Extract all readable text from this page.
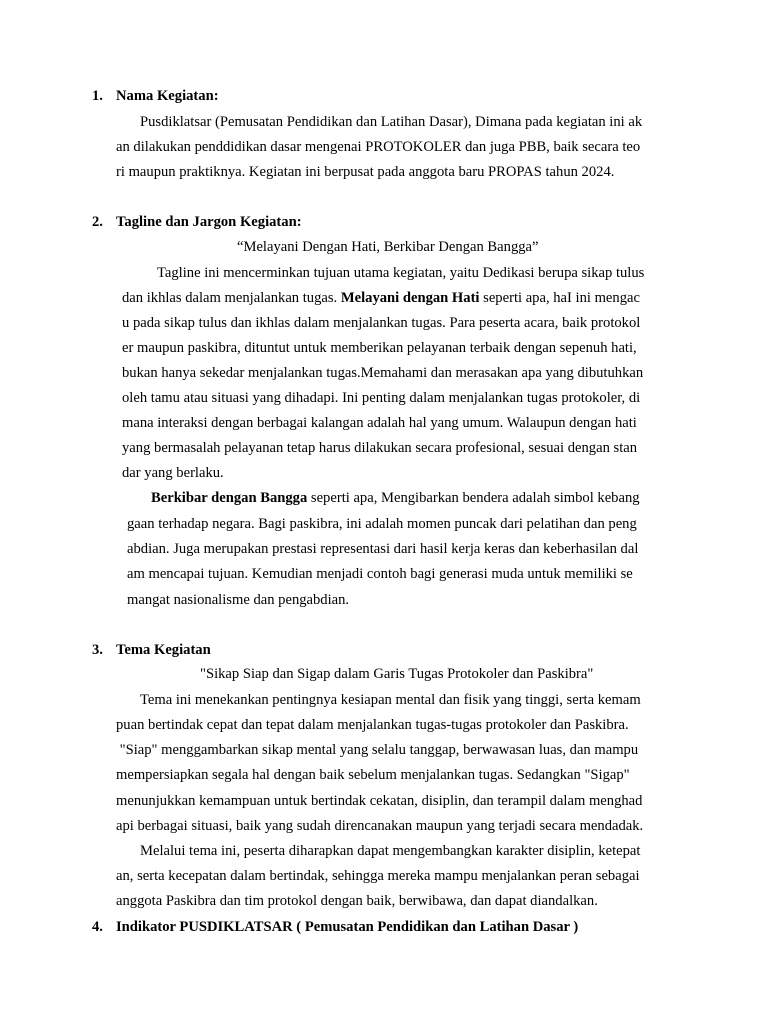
1. Nama Kegiatan:
Pusdiklatsar (Pemusatan Pendidikan dan Latihan Dasar), Dimana pada kegiatan ini ak
an dilakukan penddidikan dasar mengenai PROTOKOLER dan juga PBB, baik secara teo
ri maupun praktiknya. Kegiatan ini berpusat pada anggota baru PROPAS tahun 2024.
2. Tagline dan Jargon Kegiatan:
“Melayani Dengan Hati, Berkibar Dengan Bangga”
Tagline ini mencerminkan tujuan utama kegiatan, yaitu Dedikasi berupa sikap tulus
dan ikhlas dalam menjalankan tugas. Melayani dengan Hati seperti apa, haI ini mengac
u pada sikap tulus dan ikhlas dalam menjalankan tugas. Para peserta acara, baik protokol
er maupun paskibra, dituntut untuk memberikan pelayanan terbaik dengan sepenuh hati,
bukan hanya sekedar menjalankan tugas.Memahami dan merasakan apa yang dibutuhkan
oleh tamu atau situasi yang dihadapi. Ini penting dalam menjalankan tugas protokoler, di
mana interaksi dengan berbagai kalangan adalah hal yang umum. Walaupun dengan hati
yang bermasalah pelayanan tetap harus dilakukan secara profesional, sesuai dengan stan
dar yang berlaku.
Berkibar dengan Bangga seperti apa, Mengibarkan bendera adalah simbol kebang
gaan terhadap negara. Bagi paskibra, ini adalah momen puncak dari pelatihan dan peng
abdian. Juga merupakan prestasi representasi dari hasil kerja keras dan keberhasilan dal
am mencapai tujuan. Kemudian menjadi contoh bagi generasi muda untuk memiliki se
mangat nasionalisme dan pengabdian.
3. Tema Kegiatan
"Sikap Siap dan Sigap dalam Garis Tugas Protokoler dan Paskibra"
Tema ini menekankan pentingnya kesiapan mental dan fisik yang tinggi, serta kemam
puan bertindak cepat dan tepat dalam menjalankan tugas-tugas protokoler dan Paskibra.
"Siap" menggambarkan sikap mental yang selalu tanggap, berwawasan luas, dan mampu
mempersiapkan segala hal dengan baik sebelum menjalankan tugas. Sedangkan "Sigap"
menunjukkan kemampuan untuk bertindak cekatan, disiplin, dan terampil dalam menghad
api berbagai situasi, baik yang sudah direncanakan maupun yang terjadi secara mendadak.
Melalui tema ini, peserta diharapkan dapat mengembangkan karakter disiplin, ketepat
an, serta kecepatan dalam bertindak, sehingga mereka mampu menjalankan peran sebagai
anggota Paskibra dan tim protokol dengan baik, berwibawa, dan dapat diandalkan.
4. Indikator PUSDIKLATSAR ( Pemusatan Pendidikan dan Latihan Dasar )
